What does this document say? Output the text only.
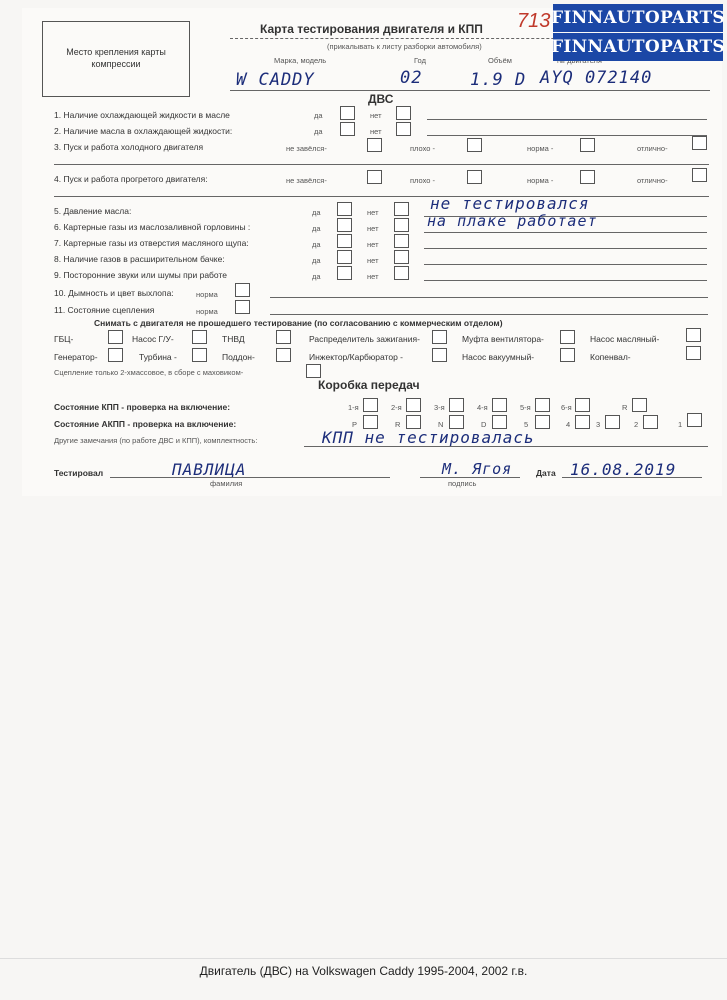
Место крепления карты компрессии
Карта тестирования двигателя и КПП 713
(прикалывать к листу разборки автомобиля)
Марка, модель	Год	Объём
W CADDY	02	1.9 D AYQ 072140
ДВС
1. Наличие охлаждающей жидкости в масле	да	нет
2. Наличие масла в охлаждающей жидкости:	да	нет
3. Пуск и работа холодного двигателя	не завёлся-	плохо -	норма -	отлично-
4. Пуск и работа прогретого двигателя:	не завёлся-	плохо -	норма -	отлично-
5. Давление масла:	да	нет	не тестировалcя
6. Картерные газы из маслозаливной горловины :	да	нет	на плаке работает
7. Картерные газы из отверстия масляного щупа:	да	нет
8. Наличие газов в расширительном бачке:	да	нет
9. Посторонние звуки или шумы при работе	да	нет
10. Дымность и цвет выхлопа:	норма
11. Состояние сцепления	норма
Снимать с двигателя не прошедшего тестирование (по согласованию с коммерческим отделом)
ГБЦ-	Насос Г/У-	ТНВД	Распределитель зажигания-	Муфта вентилятора-	Насос масляный-
Генератор-	Турбина -	Поддон-	Инжектор/Карбюратор -	Насос вакуумный-	Копенвал-
Сцепление только 2-хмассовое, в сборе с маховиком-
Коробка передач
Состояние КПП - проверка на включение:	1-я	2-я	3-я	4-я	5-я	6-я	R
Состояние АКПП - проверка на включение:	P	R	N	D	5	4	3	2	1
Другие замечания (по работе ДВС и КПП), комплектность:	КПП не тестировалась
Тестировал	ПАВЛИЦА
фамилия
М. Ягоя
подпись
Дата 16.08.2019
FINNAUTOPARTS
FINNAUTOPARTS
Двигатель (ДВС) на Volkswagen Caddy 1995-2004, 2002 г.в.
